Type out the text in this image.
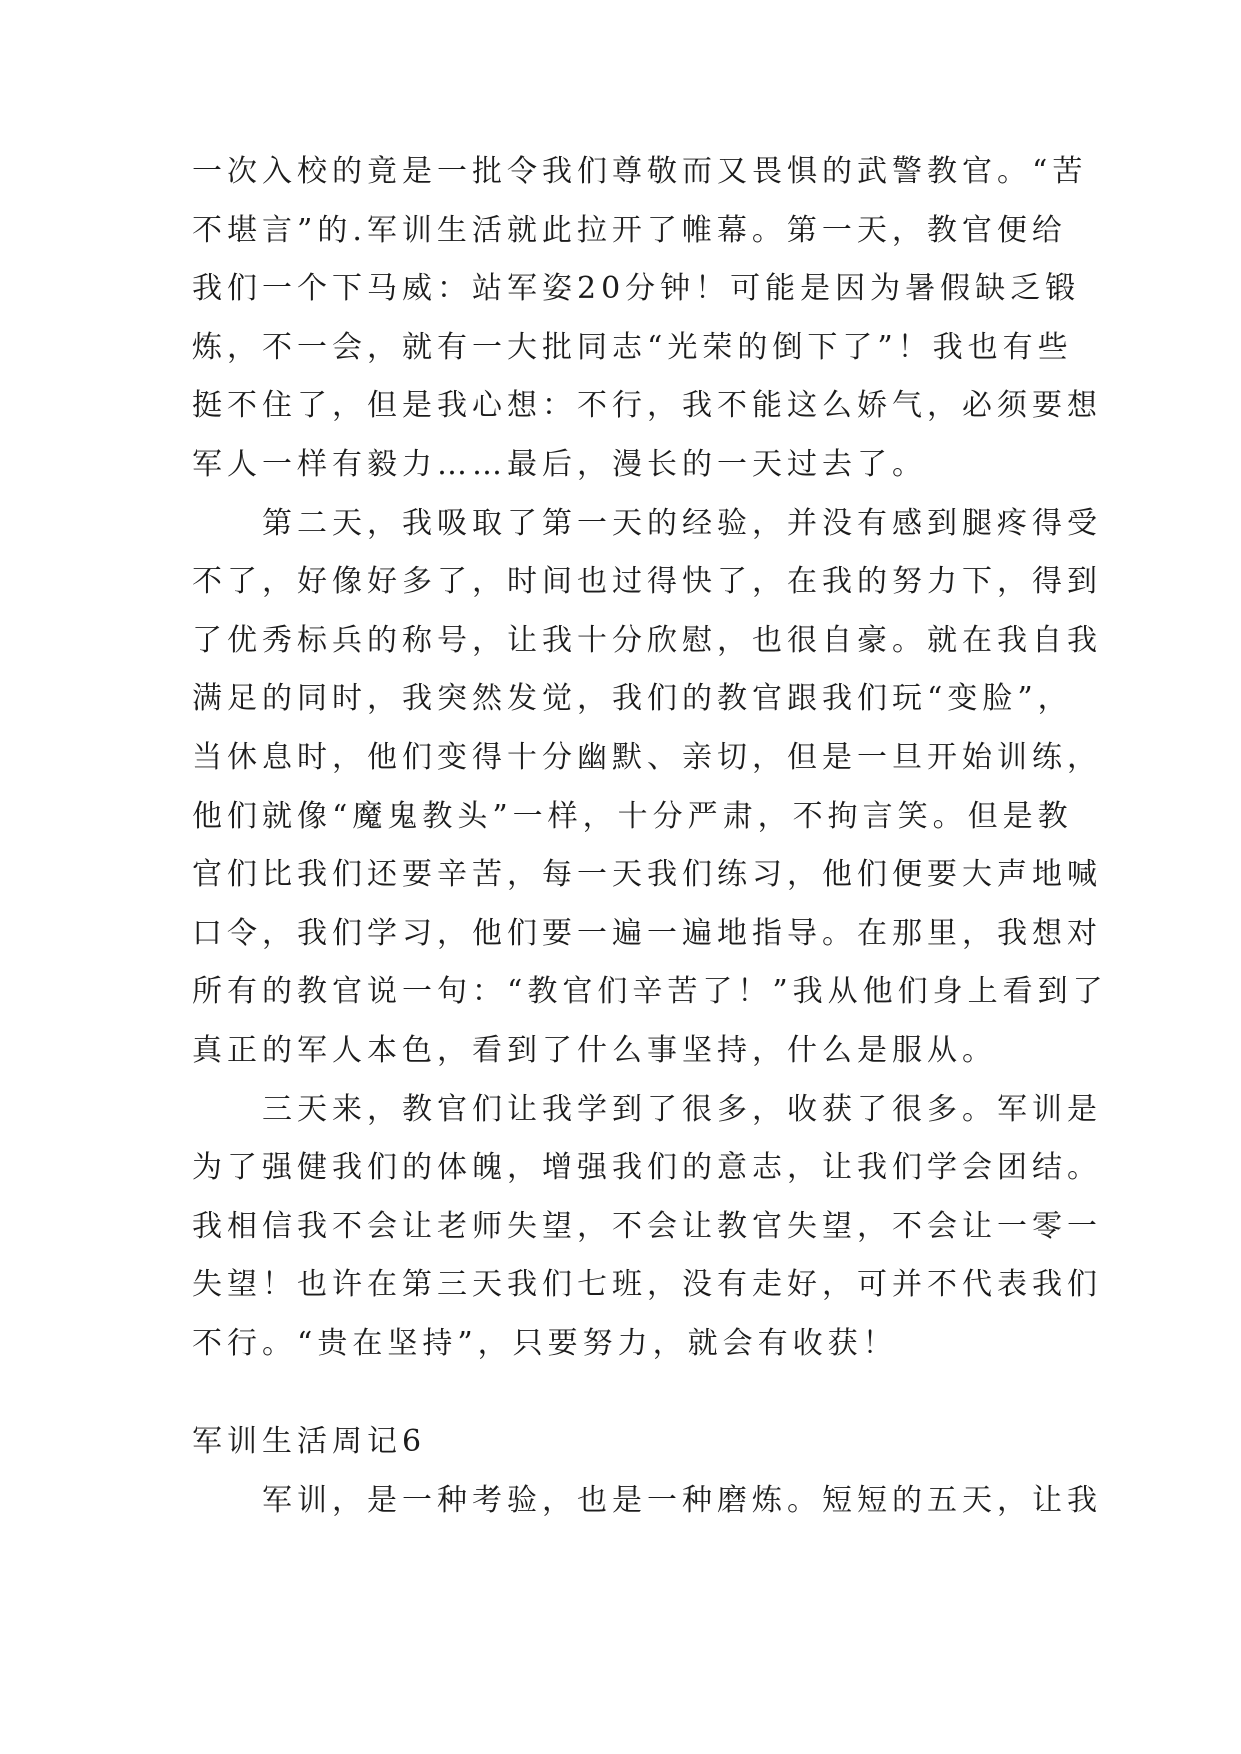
一次入校的竟是一批令我们尊敬而又畏惧的武警教官。“苦
不堪言”的.军训生活就此拉开了帷幕。第一天，教官便给
我们一个下马威：站军姿20分钟！可能是因为暑假缺乏锻
炼，不一会，就有一大批同志“光荣的倒下了”！我也有些
挺不住了，但是我心想：不行，我不能这么娇气，必须要想
军人一样有毅力……最后，漫长的一天过去了。
　　第二天，我吸取了第一天的经验，并没有感到腿疼得受
不了，好像好多了，时间也过得快了，在我的努力下，得到
了优秀标兵的称号，让我十分欣慰，也很自豪。就在我自我
满足的同时，我突然发觉，我们的教官跟我们玩“变脸”，
当休息时，他们变得十分幽默、亲切，但是一旦开始训练，
他们就像“魔鬼教头”一样，十分严肃，不拘言笑。但是教
官们比我们还要辛苦，每一天我们练习，他们便要大声地喊
口令，我们学习，他们要一遍一遍地指导。在那里，我想对
所有的教官说一句：“教官们辛苦了！”我从他们身上看到了
真正的军人本色，看到了什么事坚持，什么是服从。
　　三天来，教官们让我学到了很多，收获了很多。军训是
为了强健我们的体魄，增强我们的意志，让我们学会团结。
我相信我不会让老师失望，不会让教官失望，不会让一零一
失望！也许在第三天我们七班，没有走好，可并不代表我们
不行。“贵在坚持”，只要努力，就会有收获！
军训生活周记6
　　军训，是一种考验，也是一种磨炼。短短的五天，让我
